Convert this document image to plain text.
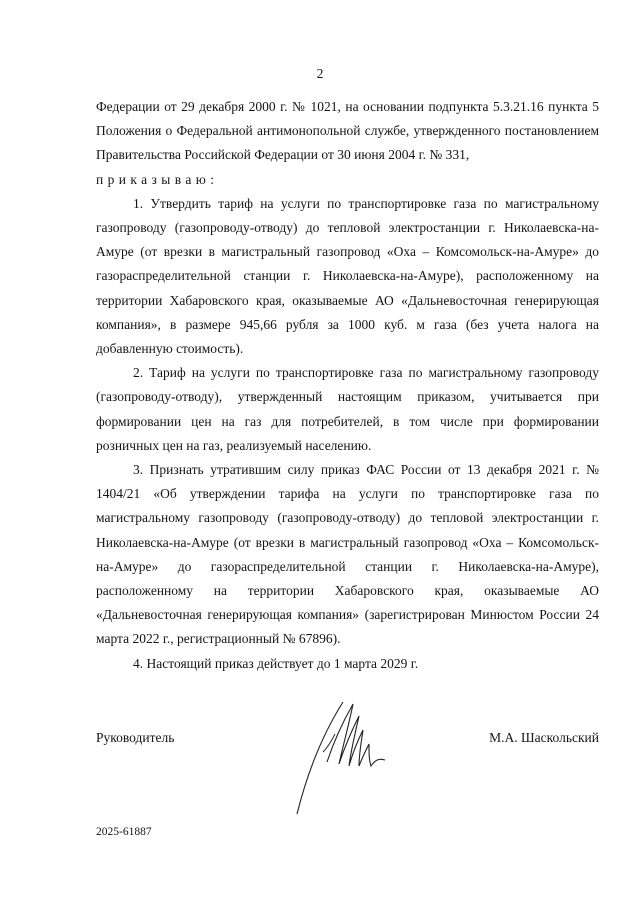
2

Федерации от 29 декабря 2000 г. № 1021, на основании подпункта 5.3.21.16 пункта 5 Положения о Федеральной антимонопольной службе, утвержденного постановлением Правительства Российской Федерации от 30 июня 2004 г. № 331,

приказываю:

1. Утвердить тариф на услуги по транспортировке газа по магистральному газопроводу (газопроводу-отводу) до тепловой электростанции г. Николаевска-на-Амуре (от врезки в магистральный газопровод «Оха – Комсомольск-на-Амуре» до газораспределительной станции г. Николаевска-на-Амуре), расположенному на территории Хабаровского края, оказываемые АО «Дальневосточная генерирующая компания», в размере 945,66 рубля за 1000 куб. м газа (без учета налога на добавленную стоимость).

2. Тариф на услуги по транспортировке газа по магистральному газопроводу (газопроводу-отводу), утвержденный настоящим приказом, учитывается при формировании цен на газ для потребителей, в том числе при формировании розничных цен на газ, реализуемый населению.

3. Признать утратившим силу приказ ФАС России от 13 декабря 2021 г. № 1404/21 «Об утверждении тарифа на услуги по транспортировке газа по магистральному газопроводу (газопроводу-отводу) до тепловой электростанции г. Николаевска-на-Амуре (от врезки в магистральный газопровод «Оха – Комсомольск-на-Амуре» до газораспределительной станции г. Николаевска-на-Амуре), расположенному на территории Хабаровского края, оказываемые АО «Дальневосточная генерирующая компания» (зарегистрирован Минюстом России 24 марта 2022 г., регистрационный № 67896).

4. Настоящий приказ действует до 1 марта 2029 г.

Руководитель	М.А. Шаскольский
2025-61887
